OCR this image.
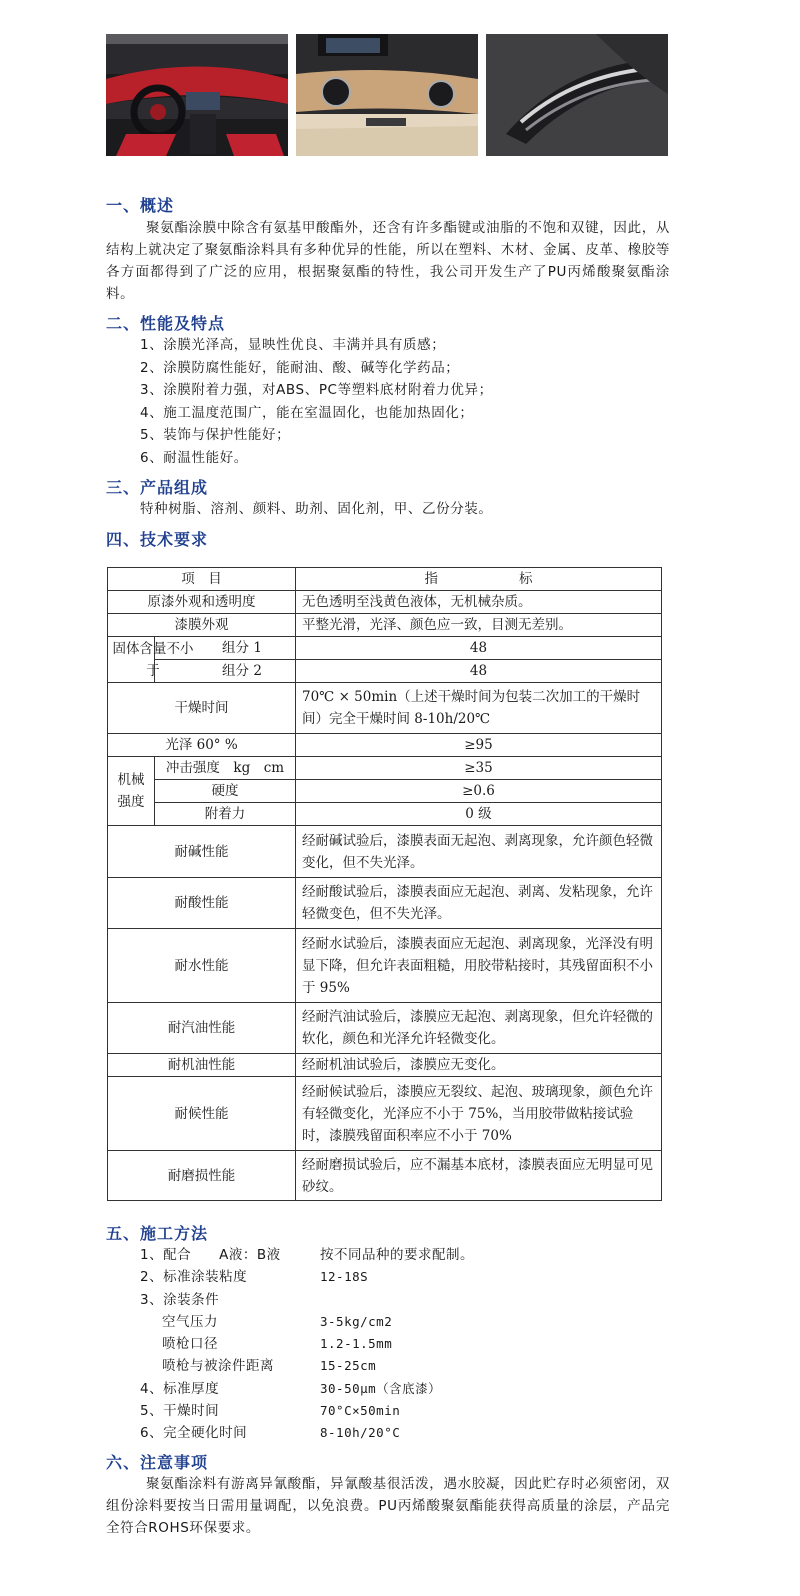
一、概述
聚氨酯涂膜中除含有氨基甲酸酯外，还含有许多酯键或油脂的不饱和双键，因此，从结构上就决定了聚氨酯涂料具有多种优异的性能，所以在塑料、木材、金属、皮革、橡胶等各方面都得到了广泛的应用，根据聚氨酯的特性，我公司开发生产了PU丙烯酸聚氨酯涂料。
二、性能及特点
1、涂膜光泽高，显映性优良、丰满并具有质感；
2、涂膜防腐性能好，能耐油、酸、碱等化学药品；
3、涂膜附着力强，对ABS、PC等塑料底材附着力优异；
4、施工温度范围广，能在室温固化，也能加热固化；
5、装饰与保护性能好；
6、耐温性能好。
三、产品组成
特种树脂、溶剂、颜料、助剂、固化剂，甲、乙份分装。
四、技术要求
项　目		指　　　　　　标
原漆外观和透明度		无色透明至浅黄色液体，无机械杂质。
漆膜外观		平整光滑，光泽、颜色应一致，目测无差别。

固体含量不小于	组分 1	48
	组分 2	48
干燥时间		70℃ × 50min（上述干燥时间为包装二次加工的干燥时间）完全干燥时间 8-10h/20℃
光泽 60° %		≥95
机械强度	冲击强度　kg　cm	≥35
	硬度	≥0.6
	附着力	0 级
耐碱性能		经耐碱试验后，漆膜表面无起泡、剥离现象，允许颜色轻微变化，但不失光泽。
耐酸性能		经耐酸试验后，漆膜表面应无起泡、剥离、发粘现象，允许轻微变色，但不失光泽。
耐水性能		经耐水试验后，漆膜表面应无起泡、剥离现象，光泽没有明显下降，但允许表面粗糙，用胶带粘接时，其残留面积不小于 95%
耐汽油性能		经耐汽油试验后，漆膜应无起泡、剥离现象，但允许轻微的软化，颜色和光泽允许轻微变化。
耐机油性能		经耐机油试验后，漆膜应无变化。
耐候性能		经耐候试验后，漆膜应无裂纹、起泡、玻璃现象，颜色允许有轻微变化，光泽应不小于 75%，当用胶带做粘接试验时，漆膜残留面积率应不小于 70%
耐磨损性能		经耐磨损试验后，应不漏基本底材，漆膜表面应无明显可见砂纹。
五、施工方法
1、配合　　A液：B液	按不同品种的要求配制。
2、标准涂装粘度	12-18S
3、涂装条件
空气压力	3-5kg/cm2
喷枪口径	1.2-1.5mm
喷枪与被涂件距离	15-25cm
4、标准厚度	30-50μm（含底漆）
5、干燥时间	70°C×50min
6、完全硬化时间	8-10h/20°C
六、注意事项
聚氨酯涂料有游离异氰酸酯，异氰酸基很活泼，遇水胶凝，因此贮存时必须密闭，双组份涂料要按当日需用量调配，以免浪费。PU丙烯酸聚氨酯能获得高质量的涂层，产品完全符合ROHS环保要求。
